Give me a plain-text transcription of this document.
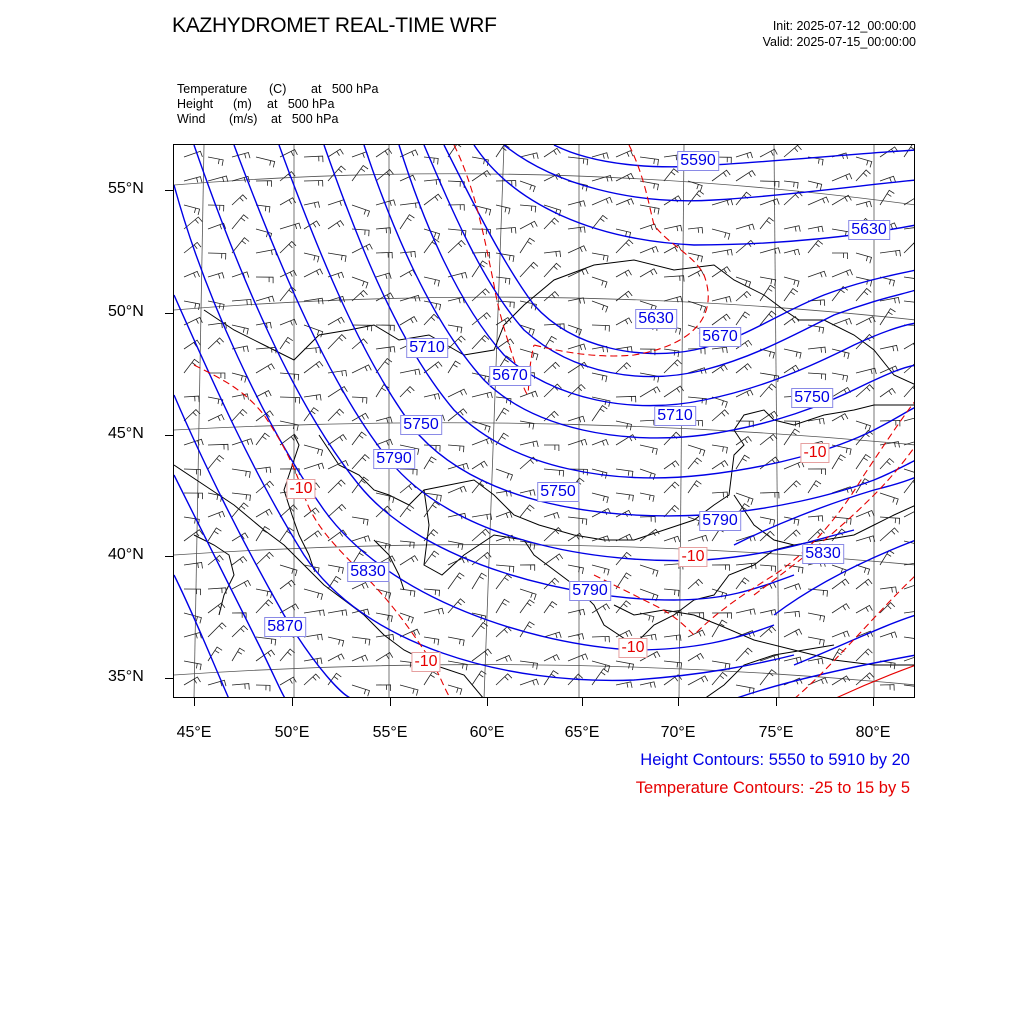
KAZHYDROMET REAL-TIME WRF	Init: 2025-07-12_00:00:00
Valid: 2025-07-15_00:00:00
Temperature (C) at   500 hPa
Height (m) at   500 hPa
Wind (m/s) at   500 hPa
5590
5630
5630
5670
5710
5670
5710
5750
5750
5790
5750
5790
5830
5830
5790
5870
-10
-10
-10
-10
-10
55°N
50°N
45°N
40°N
35°N
45°E	50°E	55°E	60°E	65°E	70°E	75°E	80°E
Height Contours: 5550 to 5910 by 20
Temperature Contours: -25 to 15 by 5
